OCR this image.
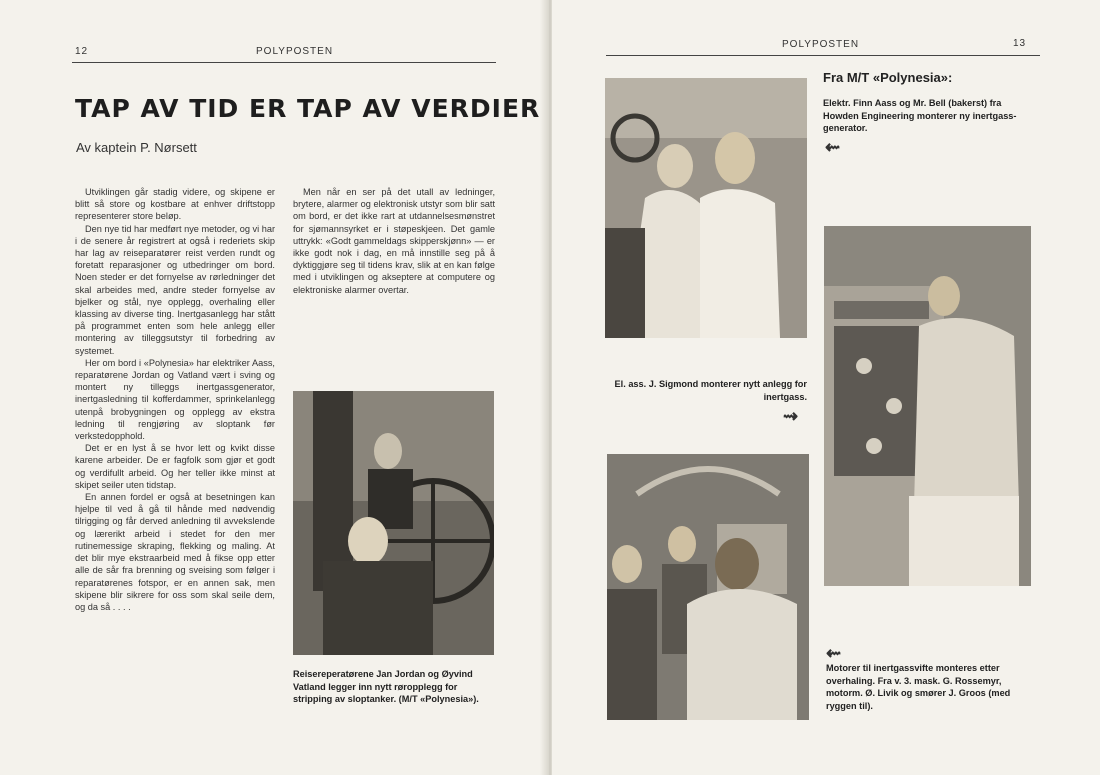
12	POLYPOSTEN
TAP AV TID ER TAP AV VERDIER
Av kaptein P. Nørsett

Utviklingen går stadig videre, og skipene er blitt så store og kostbare at enhver driftstopp representerer store beløp.

Den nye tid har medført nye metoder, og vi har i de senere år registrert at også i rederiets skip har lag av reiseparatører reist verden rundt og foretatt reparasjoner og utbedringer om bord. Noen steder er det fornyelse av rørledninger det skal arbeides med, andre steder fornyelse av bjelker og stål, nye opplegg, overhaling eller klassing av diverse ting. Inertgasanlegg har stått på programmet enten som hele anlegg eller montering av tilleggsutstyr til forbedring av systemet.

Her om bord i «Polynesia» har elektriker Aass, reparatørene Jordan og Vatland vært i sving og montert ny tilleggs inertgassgenerator, inertgasledning til kofferdammer, sprinkelanlegg utenpå brobygningen og opplegg av ekstra ledning til rengjøring av sloptank før verkstedopphold.

Det er en lyst å se hvor lett og kvikt disse karene arbeider. De er fagfolk som gjør et godt og verdifullt arbeid. Og her teller ikke minst at skipet seiler uten tidstap.

En annen fordel er også at besetningen kan hjelpe til ved å gå til hånde med nødvendig tilrigging og får derved anledning til avvekslende og lærerikt arbeid i stedet for den mer rutinemessige skraping, flekking og maling. At det blir mye ekstraarbeid med å fikse opp etter alle de sår fra brenning og sveising som følger i reparatørenes fotspor, er en annen sak, men skipene blir sikrere for oss som skal seile dem, og da så . . . .

Men når en ser på det utall av ledninger, brytere, alarmer og elektronisk utstyr som blir satt om bord, er det ikke rart at utdannelsesmønstret for sjømannsyrket er i støpeskjeen. Det gamle uttrykk: «Godt gammeldags skipperskjønn» — er ikke godt nok i dag, en må innstille seg på å dyktiggjøre seg til tidens krav, slik at en kan følge med i utviklingen og akseptere at computere og elektroniske alarmer overtar.

Reisereperatørene Jan Jordan og Øyvind Vatland legger inn nytt røropplegg for stripping av sloptanker. (M/T «Polynesia»).
POLYPOSTEN	13
Fra M/T «Polynesia»:
Elektr. Finn Aass og Mr. Bell (bakerst) fra Howden Engineering monterer ny inertgass-generator.
⇜
El. ass. J. Sigmond monterer nytt anlegg for inertgass.
⇝
⇜
Motorer til inertgassvifte monteres etter overhaling. Fra v. 3. mask. G. Rossemyr, motorm. Ø. Livik og smører J. Groos (med ryggen til).
